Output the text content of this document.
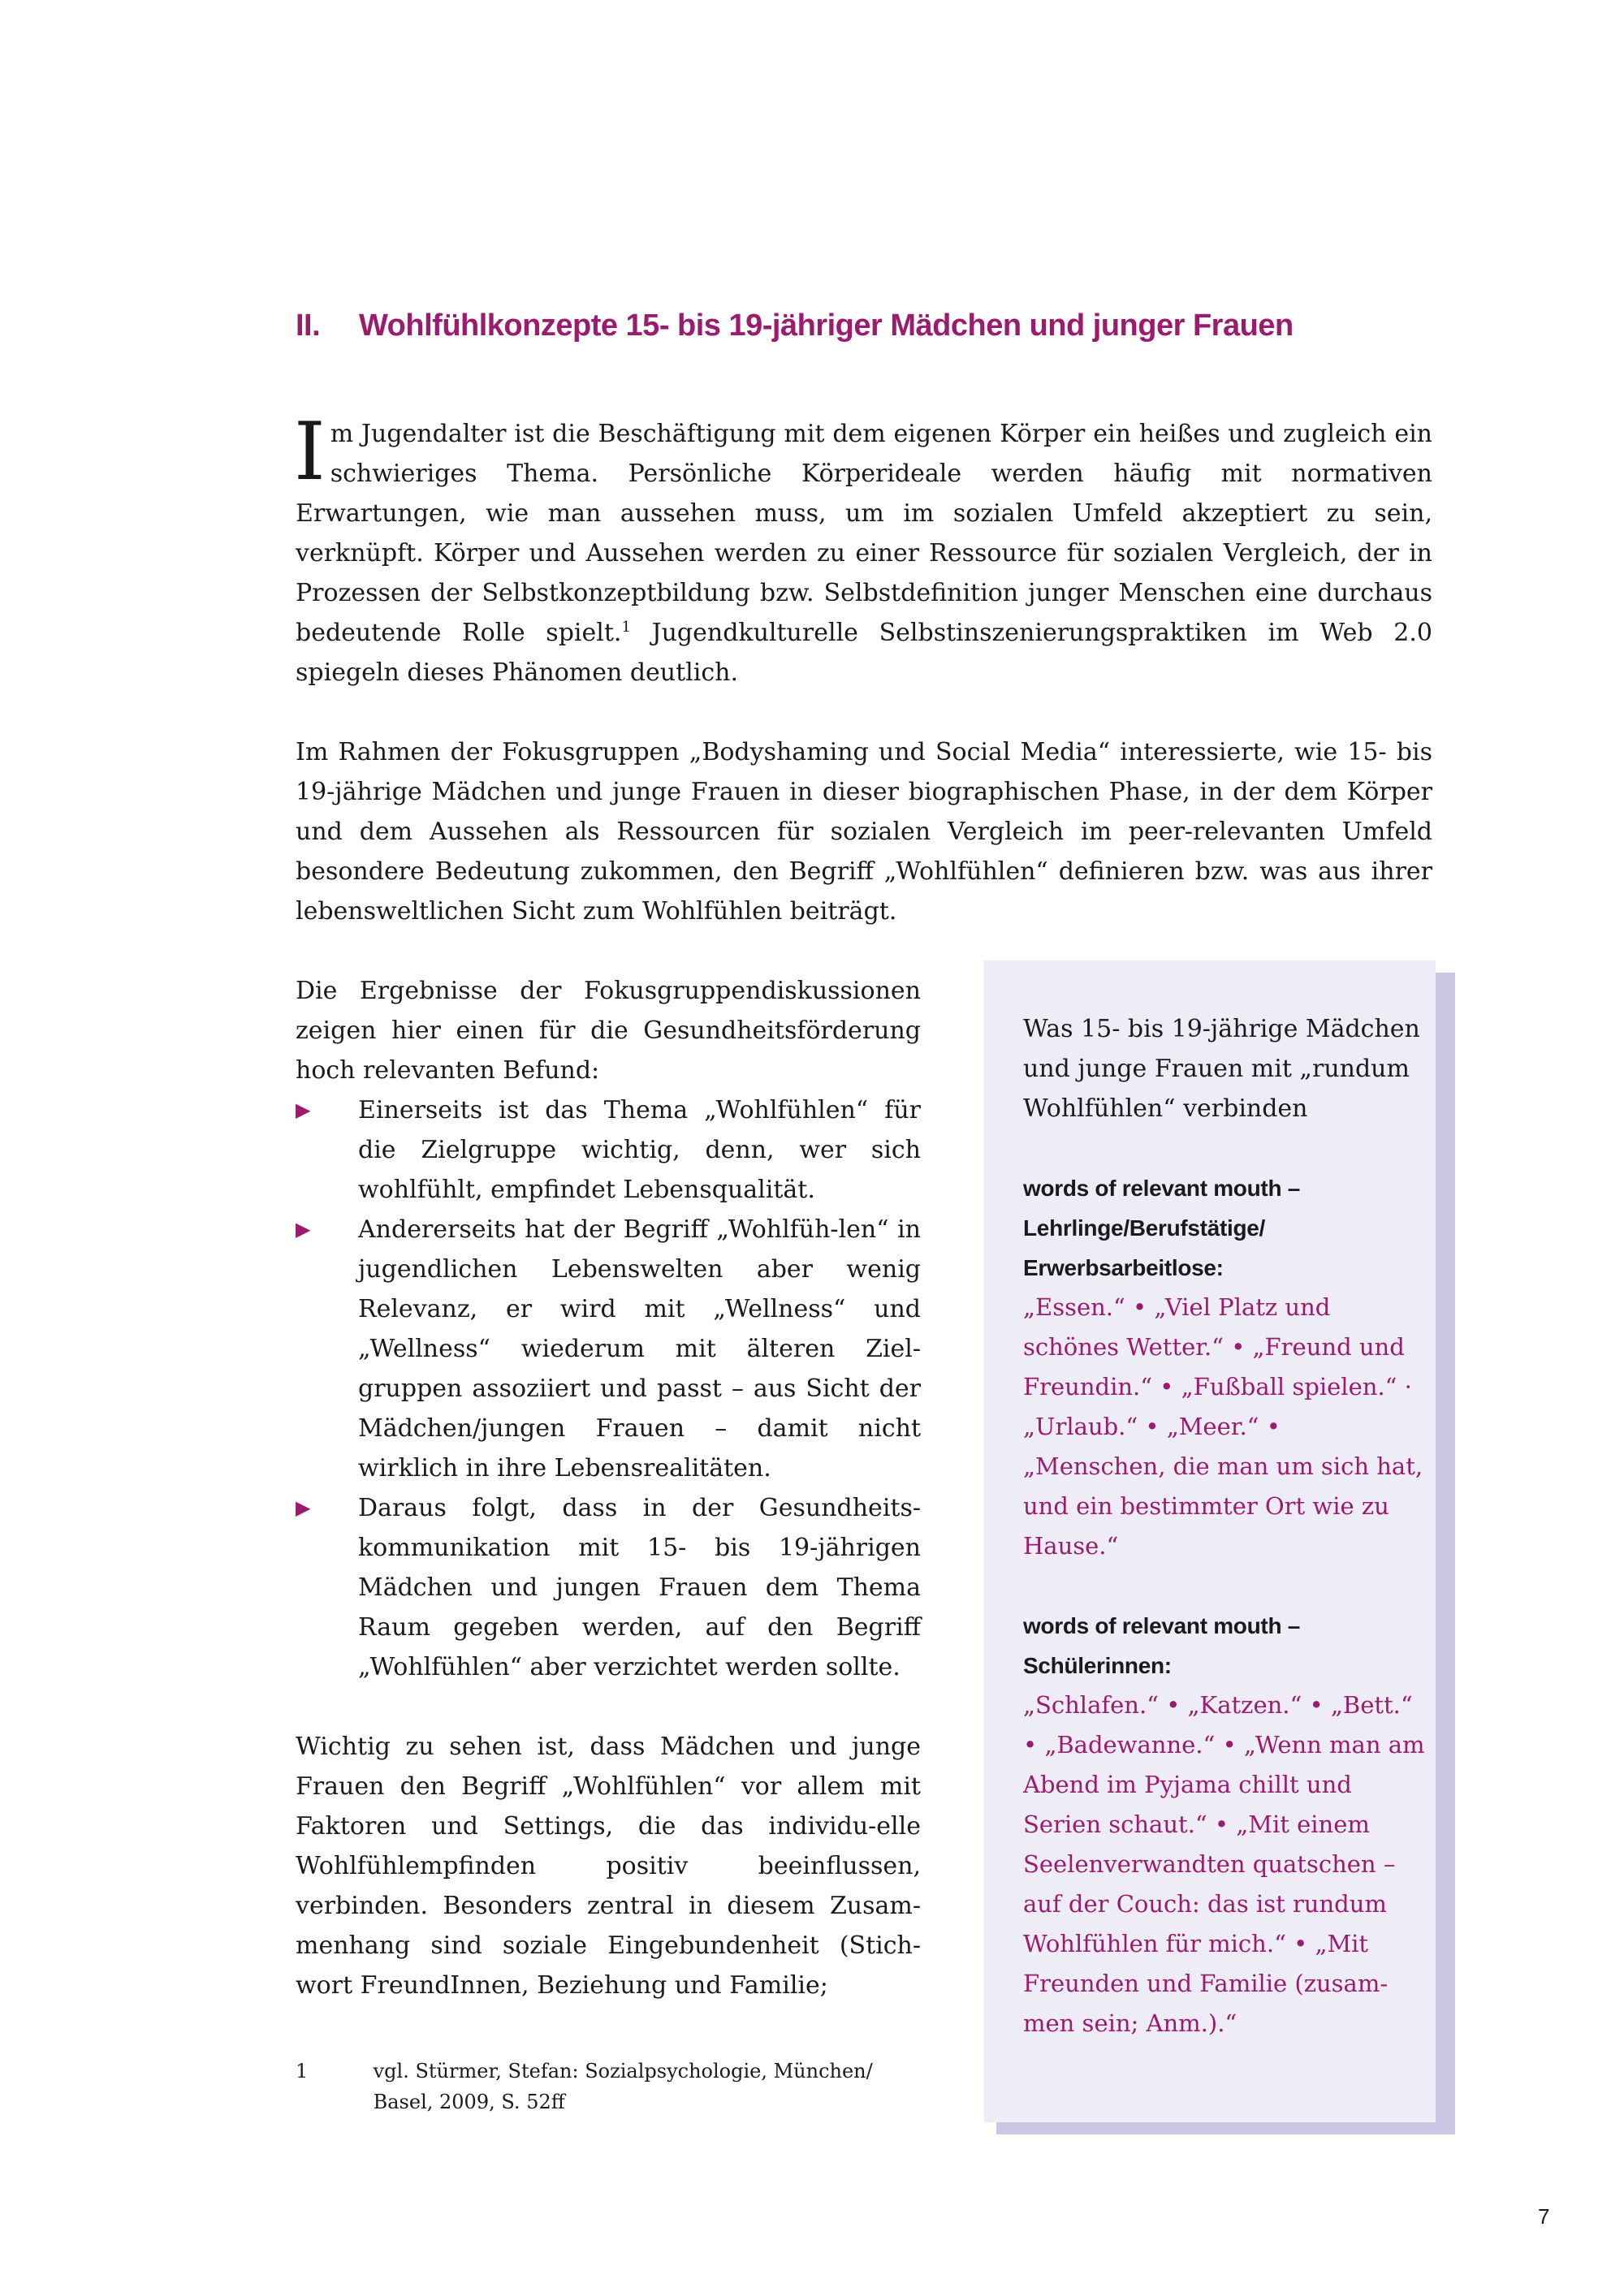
II.	Wohlfühlkonzepte 15- bis 19-jähriger Mädchen und junger Frauen

Im Jugendalter ist die Beschäftigung mit dem eigenen Körper ein heißes und zugleich ein schwieriges Thema. Persönliche Körperideale werden häufig mit normativen Erwartungen, wie man aussehen muss, um im sozialen Umfeld akzeptiert zu sein, verknüpft. Körper und Aussehen werden zu einer Ressource für sozialen Vergleich, der in Prozessen der Selbstkonzeptbildung bzw. Selbstdefinition junger Menschen eine durchaus bedeutende Rolle spielt.$^1$ Jugendkulturelle Selbstinszenierungspraktiken im Web 2.0 spiegeln dieses Phänomen deutlich.

Im Rahmen der Fokusgruppen „Bodyshaming und Social Media“ interessierte, wie 15- bis 19-jährige Mädchen und junge Frauen in dieser biographischen Phase, in der dem Körper und dem Aussehen als Ressourcen für sozialen Vergleich im peer-relevanten Umfeld besondere Bedeutung zukommen, den Begriff „Wohlfühlen“ definieren bzw. was aus ihrer lebensweltlichen Sicht zum Wohlfühlen beiträgt.

Die Ergebnisse der Fokusgruppendiskussionen zeigen hier einen für die Gesundheitsförderung hoch relevanten Befund:

▶ Einerseits ist das Thema „Wohlfühlen“ für die Zielgruppe wichtig, denn, wer sich wohlfühlt, empfindet Lebensqualität.
▶ Andererseits hat der Begriff „Wohlfüh-len“ in jugendlichen Lebenswelten aber wenig Relevanz, er wird mit „Wellness“ und „Wellness“ wiederum mit älteren Ziel-gruppen assoziiert und passt – aus Sicht der Mädchen/jungen Frauen – damit nicht wirklich in ihre Lebensrealitäten.
▶ Daraus folgt, dass in der Gesundheits-kommunikation mit 15- bis 19-jährigen Mädchen und jungen Frauen dem Thema Raum gegeben werden, auf den Begriff „Wohlfühlen“ aber verzichtet werden sollte.

Wichtig zu sehen ist, dass Mädchen und junge Frauen den Begriff „Wohlfühlen“ vor allem mit Faktoren und Settings, die das individu-elle Wohlfühlempfinden positiv beeinflussen, verbinden. Besonders zentral in diesem Zusam-menhang sind soziale Eingebundenheit (Stich-wort FreundInnen, Beziehung und Familie;

1	vgl. Stürmer, Stefan: Sozialpsychologie, München/ Basel, 2009, S. 52ff

Was 15- bis 19-jährige Mädchen und junge Frauen mit „rundum Wohlfühlen“ verbinden

words of relevant mouth – Lehrlinge/Berufstätige/ Erwerbsarbeitlose:

„Essen.“ • „Viel Platz und schönes Wetter.“ • „Freund und Freundin.“ • „Fußball spielen.“ · „Urlaub.“ • „Meer.“ • „Menschen, die man um sich hat, und ein bestimmter Ort wie zu Hause.“

words of relevant mouth – Schülerinnen:

„Schlafen.“ • „Katzen.“ • „Bett.“ • „Badewanne.“ • „Wenn man am Abend im Pyjama chillt und Serien schaut.“ • „Mit einem Seelenverwandten quatschen – auf der Couch: das ist rundum Wohlfühlen für mich.“ • „Mit Freunden und Familie (zusam-men sein; Anm.).“

7
